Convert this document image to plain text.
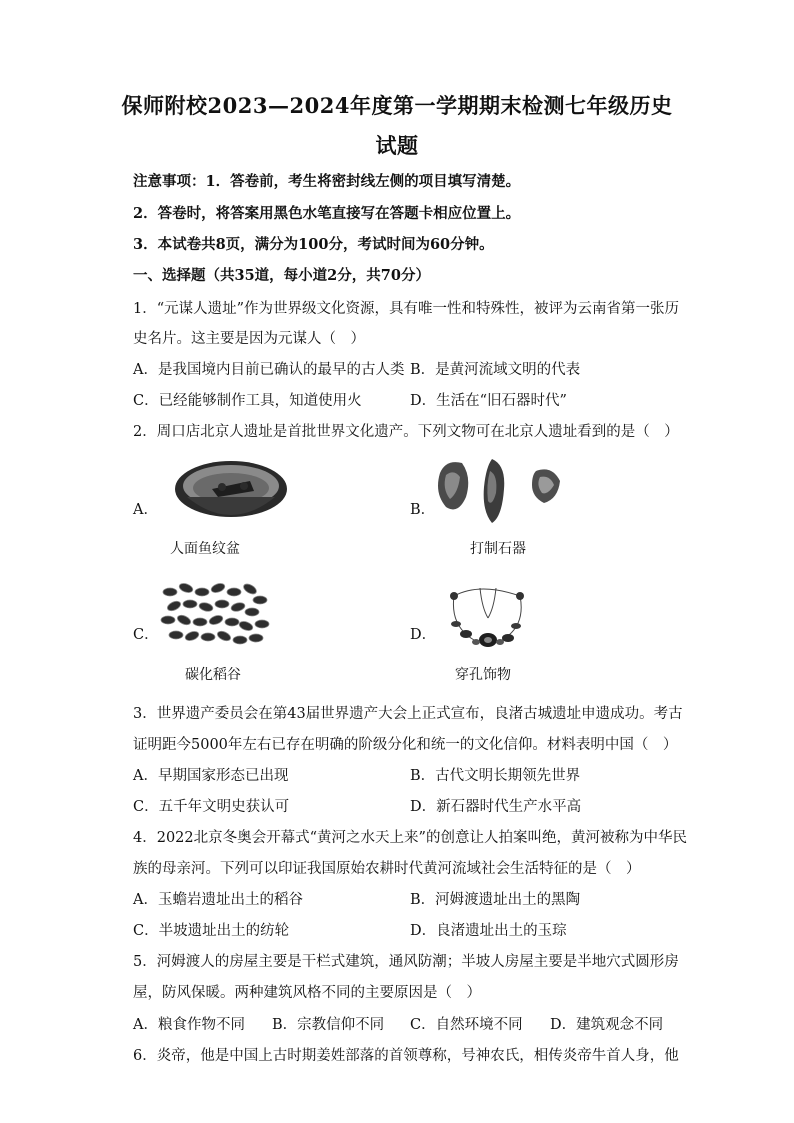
保师附校2023—2024年度第一学期期末检测七年级历史
试题
注意事项：1．答卷前，考生将密封线左侧的项目填写清楚。
2．答卷时，将答案用黑色水笔直接写在答题卡相应位置上。
3．本试卷共8页，满分为100分，考试时间为60分钟。
一、选择题（共35道，每小道2分，共70分）
1．“元谋人遗址”作为世界级文化资源，具有唯一性和特殊性，被评为云南省第一张历
史名片。这主要是因为元谋人（　）
A．是我国境内目前已确认的最早的古人类 B．是黄河流域文明的代表
C．已经能够制作工具，知道使用火	D．生活在“旧石器时代”
2．周口店北京人遗址是首批世界文化遗产。下列文物可在北京人遗址看到的是（　）
A．
人面鱼纹盆
B．
打制石器
C．
碳化稻谷
D．
穿孔饰物
3．世界遗产委员会在第43届世界遗产大会上正式宣布，良渚古城遗址申遗成功。考古
证明距今5000年左右已存在明确的阶级分化和统一的文化信仰。材料表明中国（　）
A．早期国家形态已出现	B．古代文明长期领先世界
C．五千年文明史获认可	D．新石器时代生产水平高
4．2022北京冬奥会开幕式“黄河之水天上来”的创意让人拍案叫绝，黄河被称为中华民
族的母亲河。下列可以印证我国原始农耕时代黄河流域社会生活特征的是（　）
A．玉蟾岩遗址出土的稻谷	B．河姆渡遗址出土的黑陶
C．半坡遗址出土的纺轮	D．良渚遗址出土的玉琮
5．河姆渡人的房屋主要是干栏式建筑，通风防潮；半坡人房屋主要是半地穴式圆形房
屋，防风保暖。两种建筑风格不同的主要原因是（　）
A．粮食作物不同 B．宗教信仰不同 C．自然环境不同 D．建筑观念不同
6．炎帝，他是中国上古时期姜姓部落的首领尊称，号神农氏，相传炎帝牛首人身，他
